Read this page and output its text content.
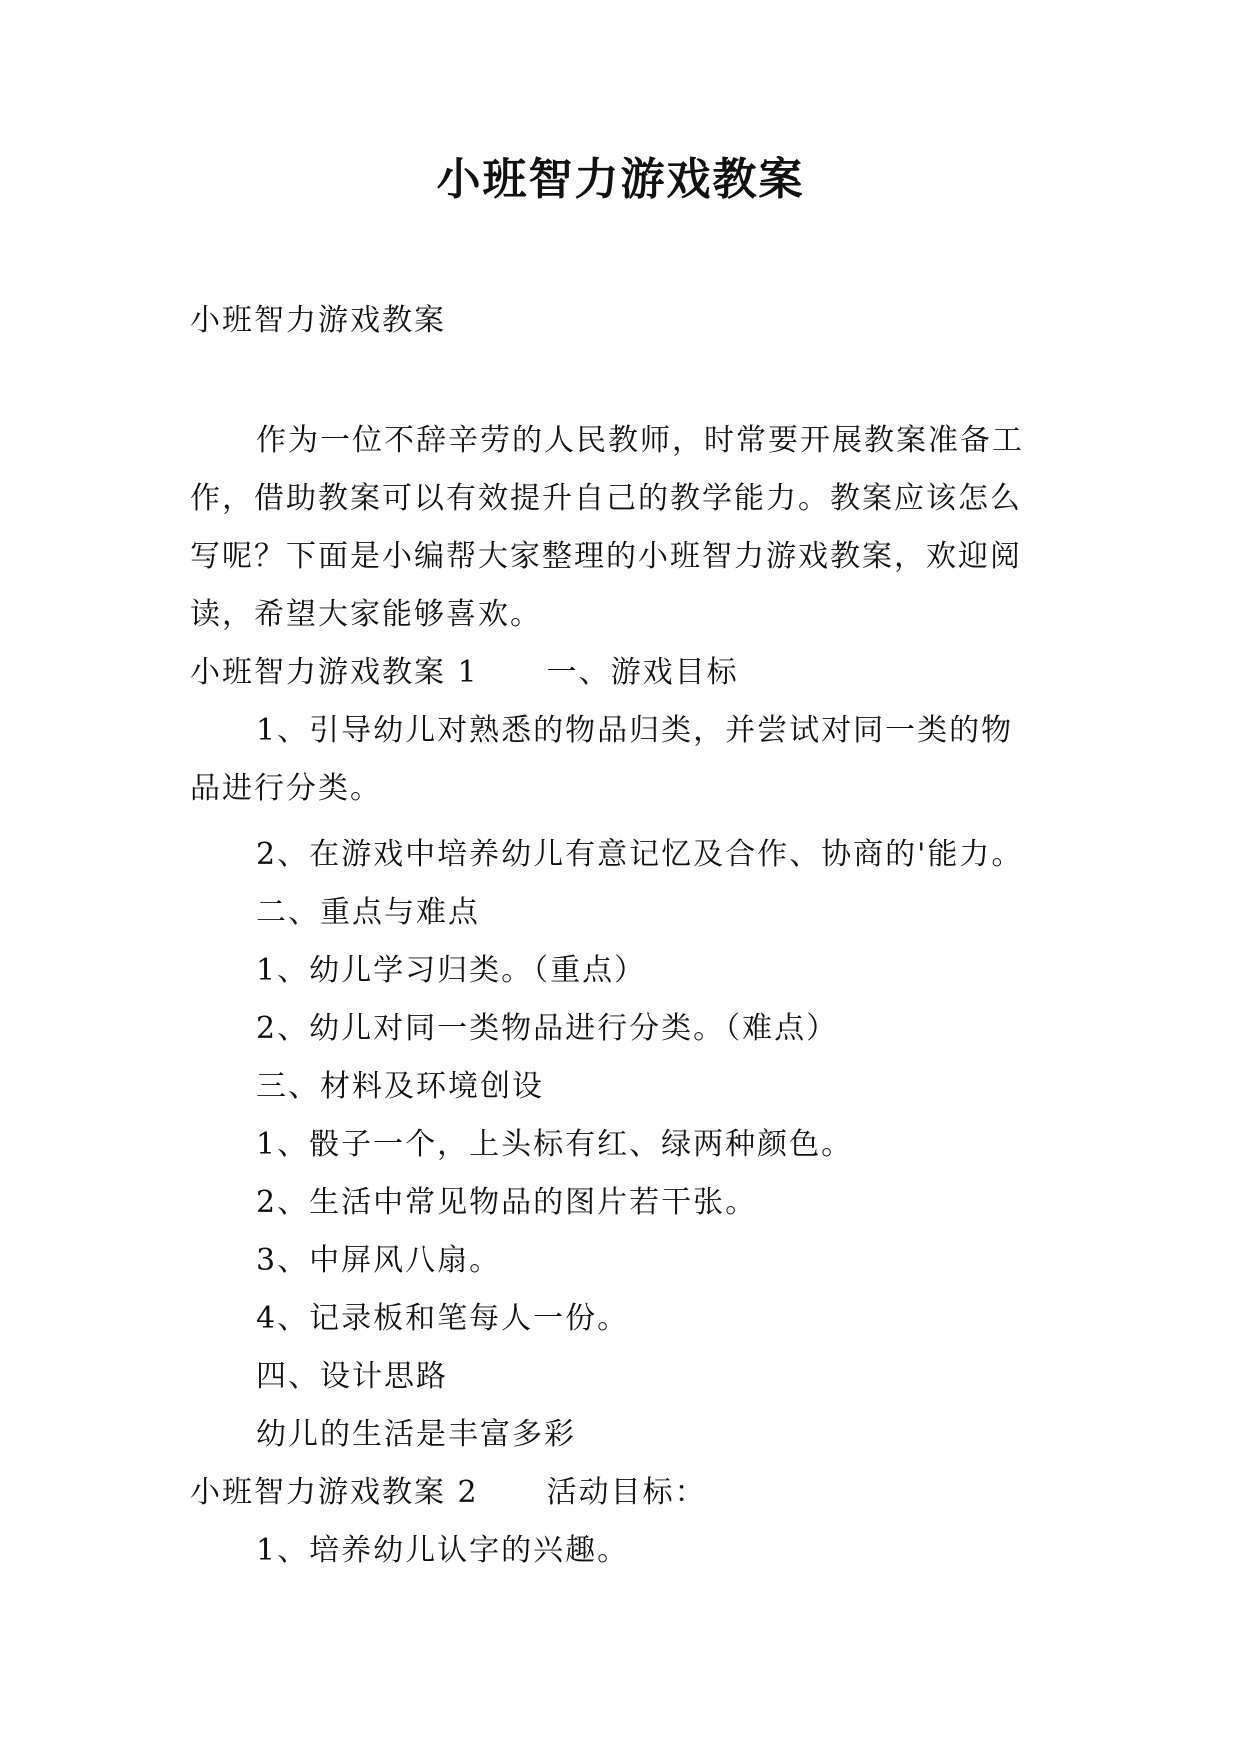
小班智力游戏教案
小班智力游戏教案
作为一位不辞辛劳的人民教师，时常要开展教案准备工
作，借助教案可以有效提升自己的教学能力。教案应该怎么
写呢？下面是小编帮大家整理的小班智力游戏教案，欢迎阅
读，希望大家能够喜欢。
小班智力游戏教案 1 一、游戏目标
1、引导幼儿对熟悉的物品归类，并尝试对同一类的物
品进行分类。
2、在游戏中培养幼儿有意记忆及合作、协商的'能力。
二、重点与难点
1、幼儿学习归类。（重点）
2、幼儿对同一类物品进行分类。（难点）
三、材料及环境创设
1、骰子一个，上头标有红、绿两种颜色。
2、生活中常见物品的图片若干张。
3、中屏风八扇。
4、记录板和笔每人一份。
四、设计思路
幼儿的生活是丰富多彩
小班智力游戏教案 2 活动目标：
1、培养幼儿认字的兴趣。
